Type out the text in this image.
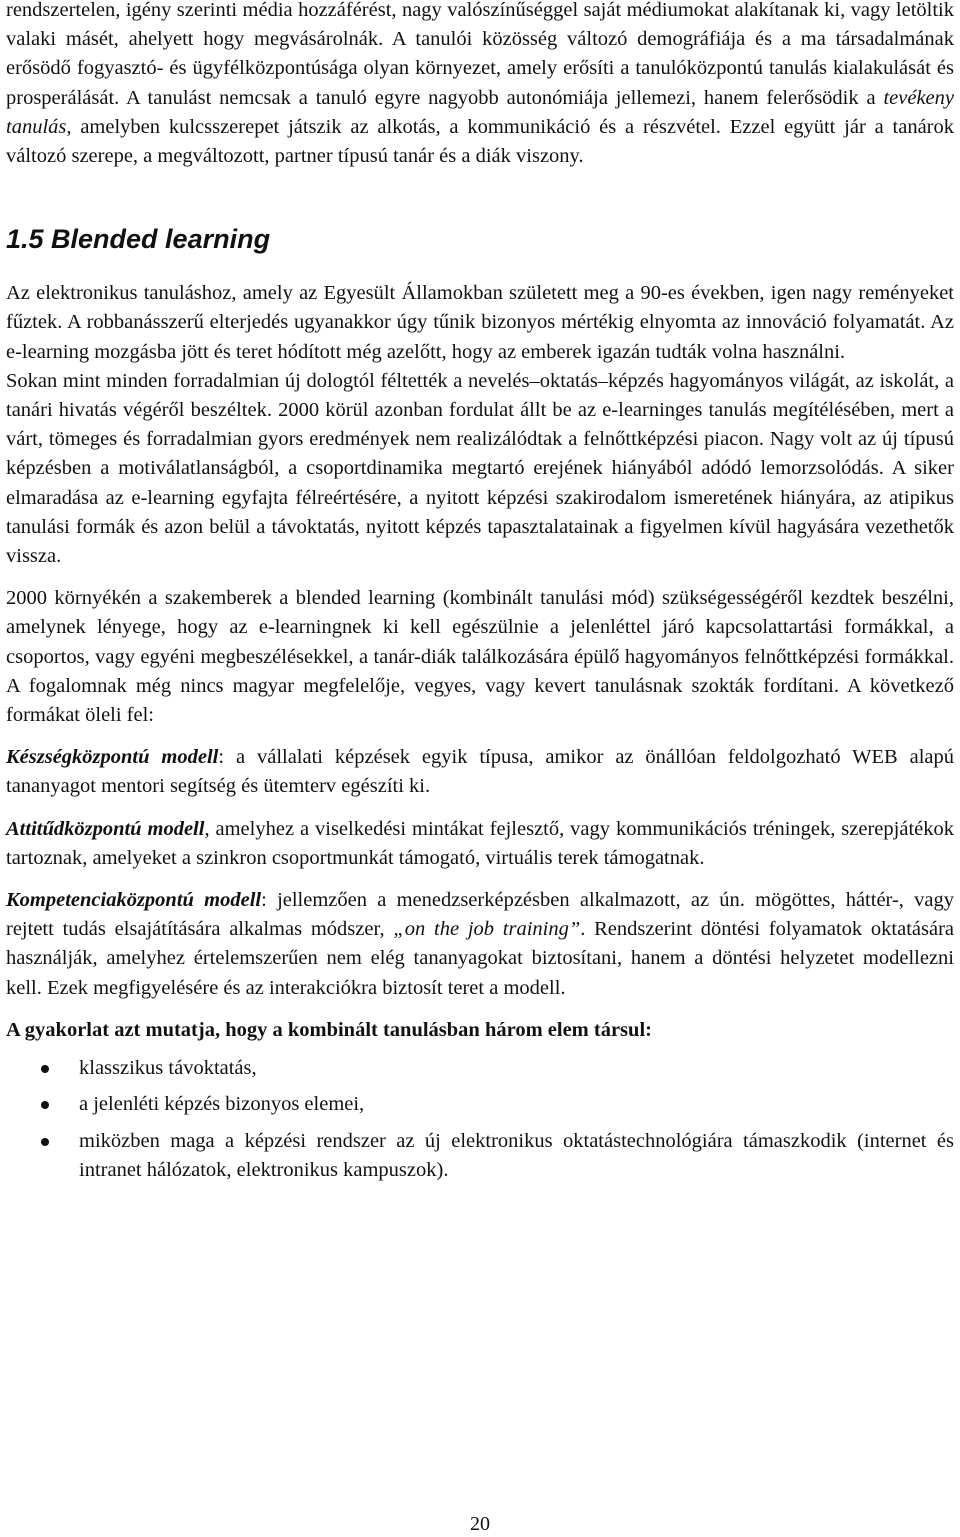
rendszertelen, igény szerinti média hozzáférést, nagy valószínűséggel saját médiumokat alakítanak ki, vagy letöltik valaki másét, ahelyett hogy megvásárolnák. A tanulói közösség változó demográfiája és a ma társadalmának erősödő fogyasztó- és ügyfélközpontúsága olyan környezet, amely erősíti a tanulóközpontú tanulás kialakulását és prosperálását. A tanulást nemcsak a tanuló egyre nagyobb autonómiája jellemezi, hanem felerősödik a tevékeny tanulás, amelyben kulcsszerepet játszik az alkotás, a kommunikáció és a részvétel. Ezzel együtt jár a tanárok változó szerepe, a megváltozott, partner típusú tanár és a diák viszony.

1.5 Blended learning

Az elektronikus tanuláshoz, amely az Egyesült Államokban született meg a 90-es években, igen nagy reményeket fűztek. A robbanásszerű elterjedés ugyanakkor úgy tűnik bizonyos mértékig elnyomta az innováció folyamatát. Az e-learning mozgásba jött és teret hódított még azelőtt, hogy az emberek igazán tudták volna használni.

Sokan mint minden forradalmian új dologtól féltették a nevelés–oktatás–képzés hagyományos világát, az iskolát, a tanári hivatás végéről beszéltek. 2000 körül azonban fordulat állt be az e-learninges tanulás megítélésében, mert a várt, tömeges és forradalmian gyors eredmények nem realizálódtak a felnőttképzési piacon. Nagy volt az új típusú képzésben a motiválatlanságból, a csoportdinamika megtartó erejének hiányából adódó lemorzsolódás. A siker elmaradása az e-learning egyfajta félreértésére, a nyitott képzési szakirodalom ismeretének hiányára, az atipikus tanulási formák és azon belül a távoktatás, nyitott képzés tapasztalatainak a figyelmen kívül hagyására vezethetők vissza.

2000 környékén a szakemberek a blended learning (kombinált tanulási mód) szükségességéről kezdtek beszélni, amelynek lényege, hogy az e-learningnek ki kell egészülnie a jelenléttel járó kapcsolattartási formákkal, a csoportos, vagy egyéni megbeszélésekkel, a tanár-diák találkozására épülő hagyományos felnőttképzési formákkal. A fogalomnak még nincs magyar megfelelője, vegyes, vagy kevert tanulásnak szokták fordítani. A következő formákat öleli fel:

Készségközpontú modell: a vállalati képzések egyik típusa, amikor az önállóan feldolgozható WEB alapú tananyagot mentori segítség és ütemterv egészíti ki.

Attitűdközpontú modell, amelyhez a viselkedési mintákat fejlesztő, vagy kommunikációs tréningek, szerepjátékok tartoznak, amelyeket a szinkron csoportmunkát támogató, virtuális terek támogatnak.

Kompetenciaközpontú modell: jellemzően a menedzserképzésben alkalmazott, az ún. mögöttes, háttér-, vagy rejtett tudás elsajátítására alkalmas módszer, „on the job training”. Rendszerint döntési folyamatok oktatására használják, amelyhez értelemszerűen nem elég tananyagokat biztosítani, hanem a döntési helyzetet modellezni kell. Ezek megfigyelésére és az interakciókra biztosít teret a modell.

A gyakorlat azt mutatja, hogy a kombinált tanulásban három elem társul:

klasszikus távoktatás,
a jelenléti képzés bizonyos elemei,
miközben maga a képzési rendszer az új elektronikus oktatástechnológiára támaszkodik (internet és intranet hálózatok, elektronikus kampuszok).
20
